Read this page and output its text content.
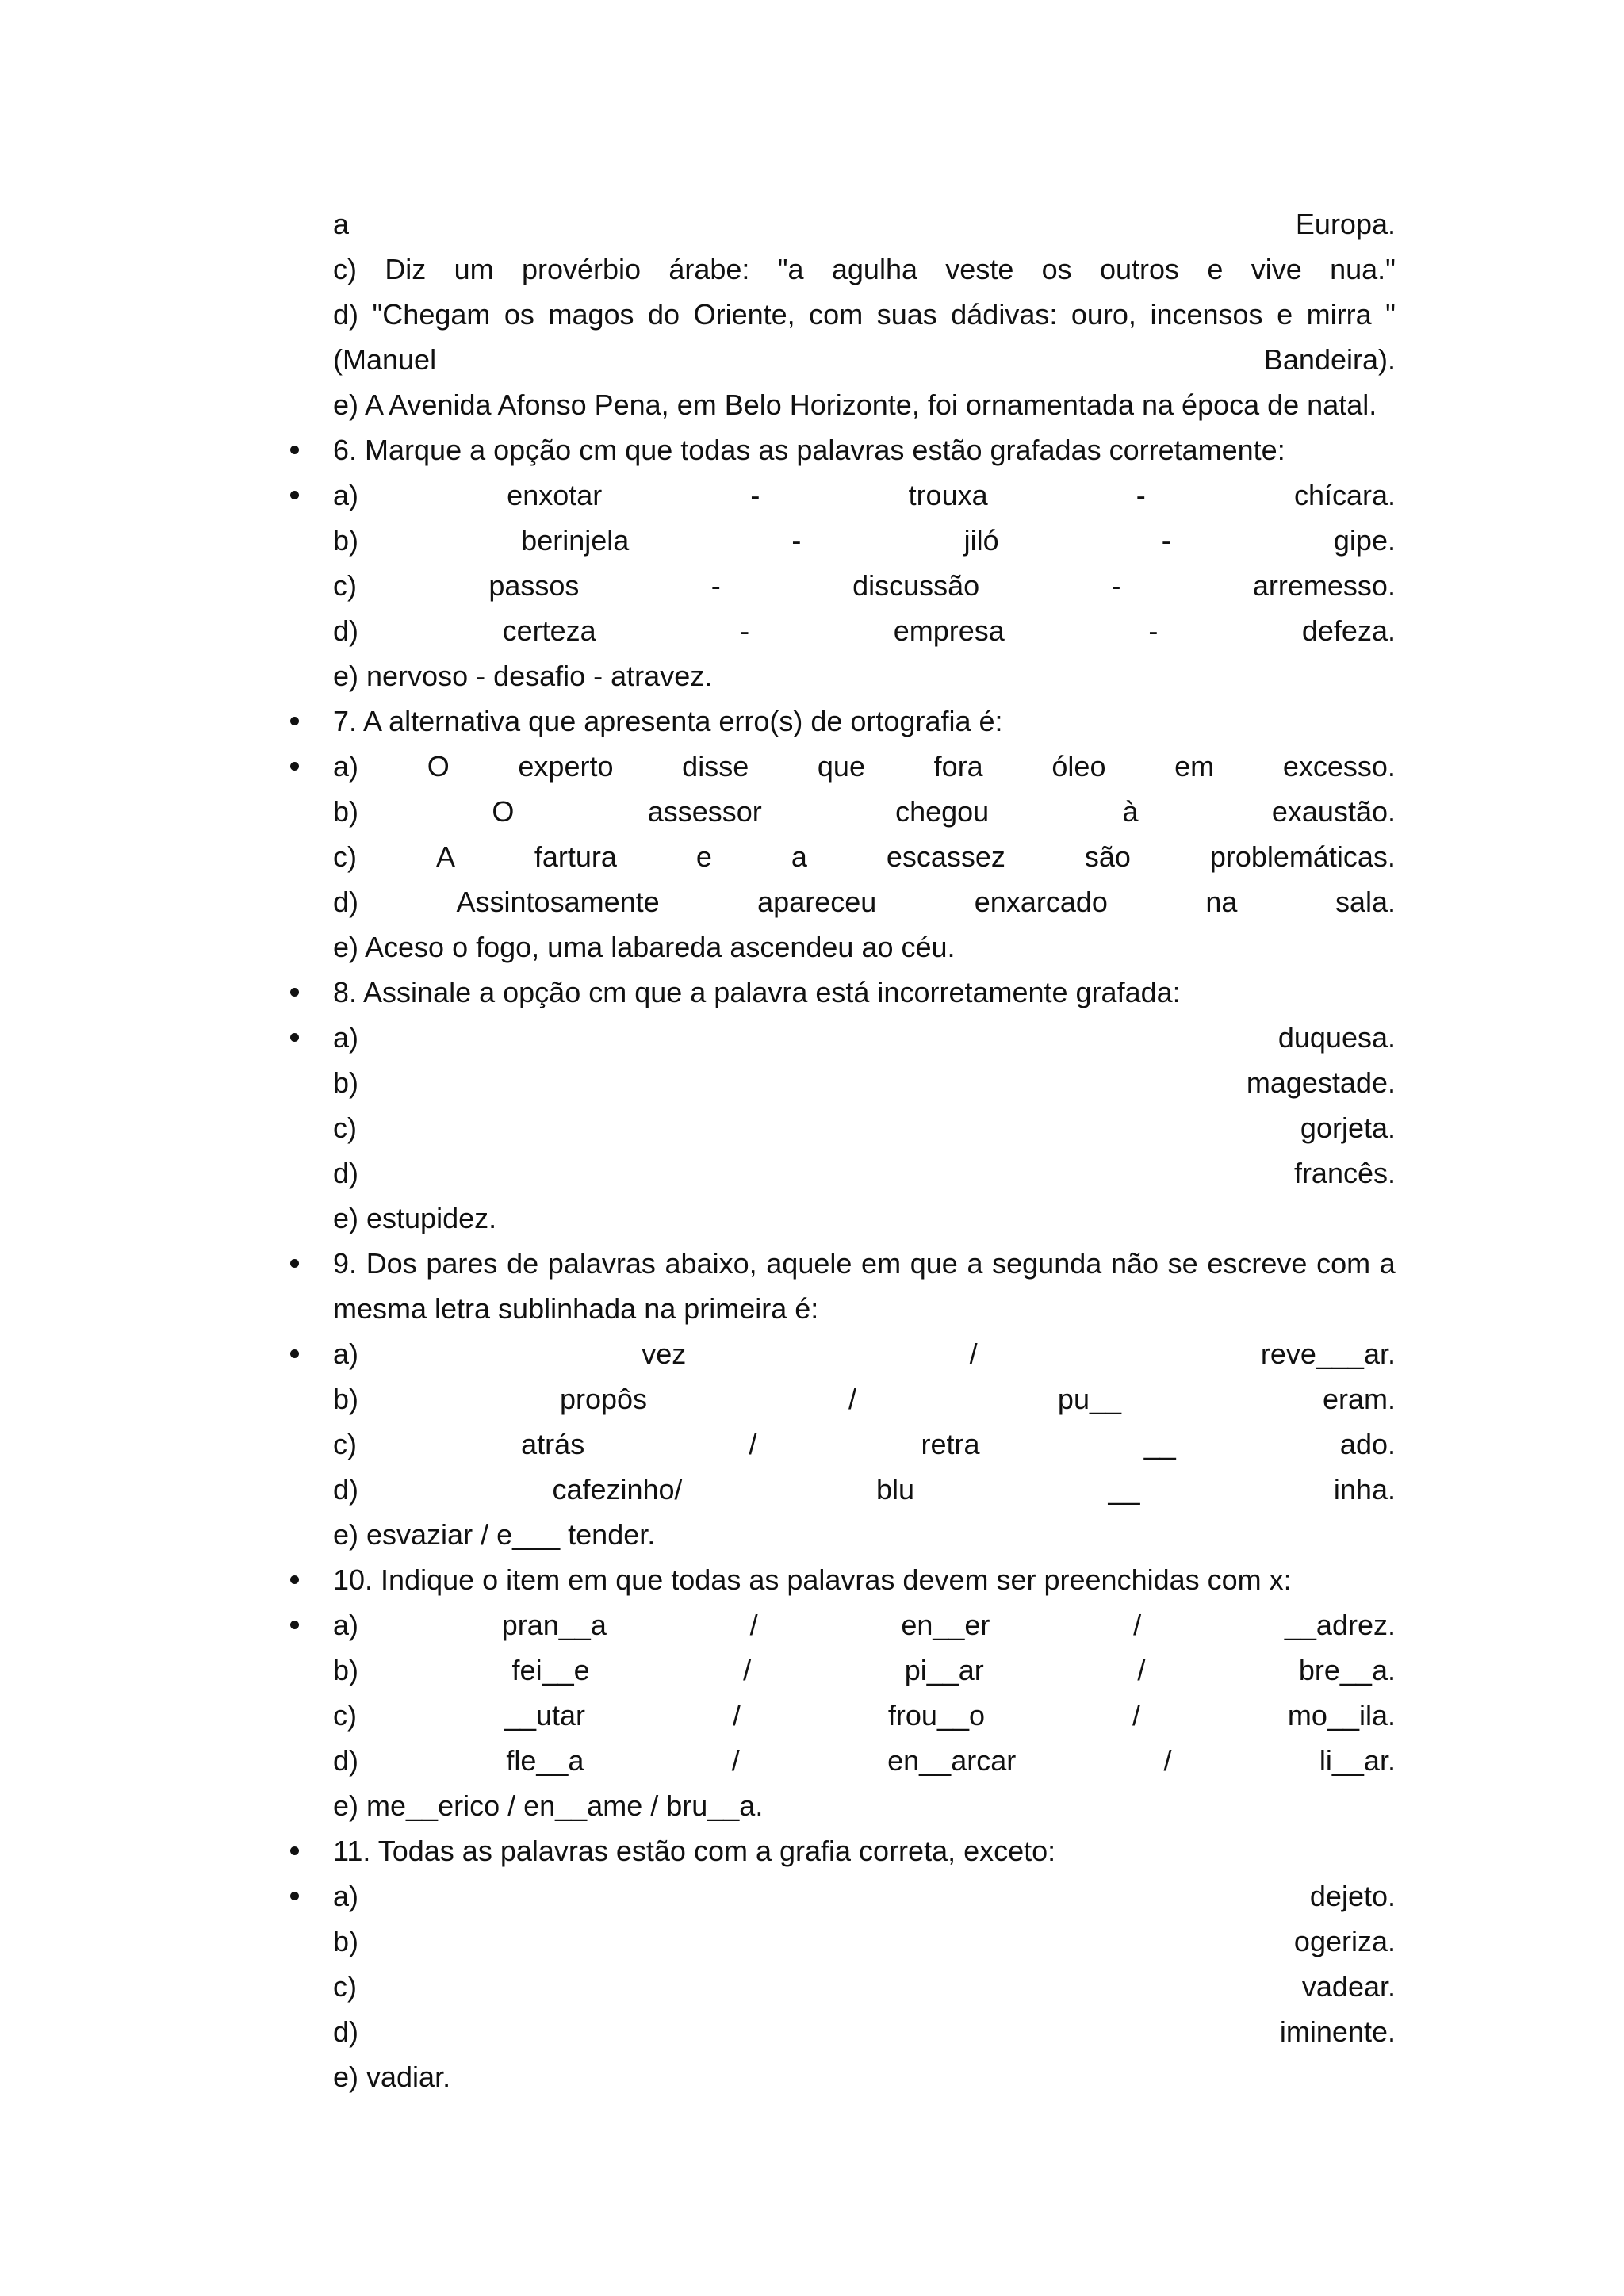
a	Europa.
c) Diz um provérbio árabe: "a agulha veste os outros e vive nua."
d) "Chegam os magos do Oriente, com suas dádivas: ouro, incensos e mirra "
(Manuel	Bandeira).
e) A Avenida Afonso Pena, em Belo Horizonte, foi ornamentada na época de natal.
6. Marque a opção cm que todas as palavras estão grafadas corretamente:
a)	enxotar	-	trouxa	-	chícara.
b)	berinjela	-	jiló	-	gipe.
c)	passos	-	discussão	-	arremesso.
d)	certeza	-	empresa	-	defeza.
e) nervoso - desafio - atravez.
7. A alternativa que apresenta erro(s) de ortografia é:
a) O experto disse que fora óleo em excesso.
b)	O	assessor	chegou	à	exaustão.
c)	A	fartura	e	a	escassez	são	problemáticas.
d)	Assintosamente	apareceu	enxarcado	na	sala.
e) Aceso o fogo, uma labareda ascendeu ao céu.
8. Assinale a opção cm que a palavra está incorretamente grafada:
a)	duquesa.
b)	magestade.
c)	gorjeta.
d)	francês.
e) estupidez.
9. Dos pares de palavras abaixo, aquele em que a segunda não se escreve com a
mesma letra sublinhada na primeira é:
a)	vez	/	reve___ar.
b)	propôs	/	pu__	eram.
c)	atrás	/	retra	__	ado.
d)	cafezinho/	blu	__	inha.
e) esvaziar / e___ tender.
10. Indique o item em que todas as palavras devem ser preenchidas com x:
a)	pran__a	/	en__er	/	__adrez.
b)	fei__e	/	pi__ar	/	bre__a.
c)	__utar	/	frou__o	/	mo__ila.
d)	fle__a	/	en__arcar	/	li__ar.
e) me__erico / en__ame / bru__a.
11. Todas as palavras estão com a grafia correta, exceto:
a)	dejeto.
b)	ogeriza.
c)	vadear.
d)	iminente.
e) vadiar.
